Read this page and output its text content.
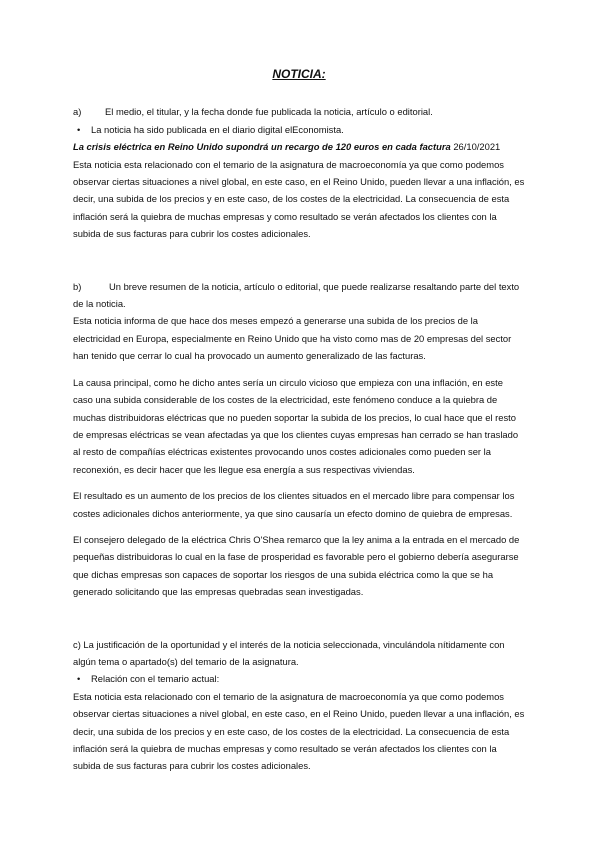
NOTICIA:

a)	El medio, el titular, y la fecha donde fue publicada la noticia, artículo o editorial.

• La noticia ha sido publicada en el diario digital elEconomista.

La crisis eléctrica en Reino Unido supondrá un recargo de 120 euros en cada factura 26/10/2021

Esta noticia esta relacionado con el temario de la asignatura de macroeconomía ya que como podemos observar ciertas situaciones a nivel global, en este caso, en el Reino Unido, pueden llevar a una inflación, es decir, una subida de los precios y en este caso, de los costes de la electricidad. La consecuencia de esta inflación será la quiebra de muchas empresas y como resultado se verán afectados los clientes con la subida de sus facturas para cubrir los costes adicionales.

b)	Un breve resumen de la noticia, artículo o editorial, que puede realizarse resaltando parte del texto de la noticia.

Esta noticia informa de que hace dos meses empezó a generarse una subida de los precios de la electricidad en Europa, especialmente en Reino Unido que ha visto como mas de 20 empresas del sector han tenido que cerrar lo cual ha provocado un aumento generalizado de las facturas.

La causa principal, como he dicho antes sería un circulo vicioso que empieza con una inflación, en este caso una subida considerable de los costes de la electricidad, este fenómeno conduce a la quiebra de muchas distribuidoras eléctricas que no pueden soportar la subida de los precios, lo cual hace que el resto de empresas eléctricas se vean afectadas ya que los clientes cuyas empresas han cerrado se han traslado al resto de compañías eléctricas existentes provocando unos costes adicionales como pueden ser la reconexión, es decir hacer que les llegue esa energía a sus respectivas viviendas.

El resultado es un aumento de los precios de los clientes situados en el mercado libre para compensar los costes adicionales dichos anteriormente, ya que sino causaría un efecto domino de quiebra de empresas.

El consejero delegado de la eléctrica Chris O'Shea remarco que la ley anima a la entrada en el mercado de pequeñas distribuidoras lo cual en la fase de prosperidad es favorable pero el gobierno debería asegurarse que dichas empresas son capaces de soportar los riesgos de una subida eléctrica como la que se ha generado solicitando que las empresas quebradas sean investigadas.

c) La justificación de la oportunidad y el interés de la noticia seleccionada, vinculándola nítidamente con algún tema o apartado(s) del temario de la asignatura.

• Relación con el temario actual:

Esta noticia esta relacionado con el temario de la asignatura de macroeconomía ya que como podemos observar ciertas situaciones a nivel global, en este caso, en el Reino Unido, pueden llevar a una inflación, es decir, una subida de los precios y en este caso, de los costes de la electricidad. La consecuencia de esta inflación será la quiebra de muchas empresas y como resultado se verán afectados los clientes con la subida de sus facturas para cubrir los costes adicionales.
